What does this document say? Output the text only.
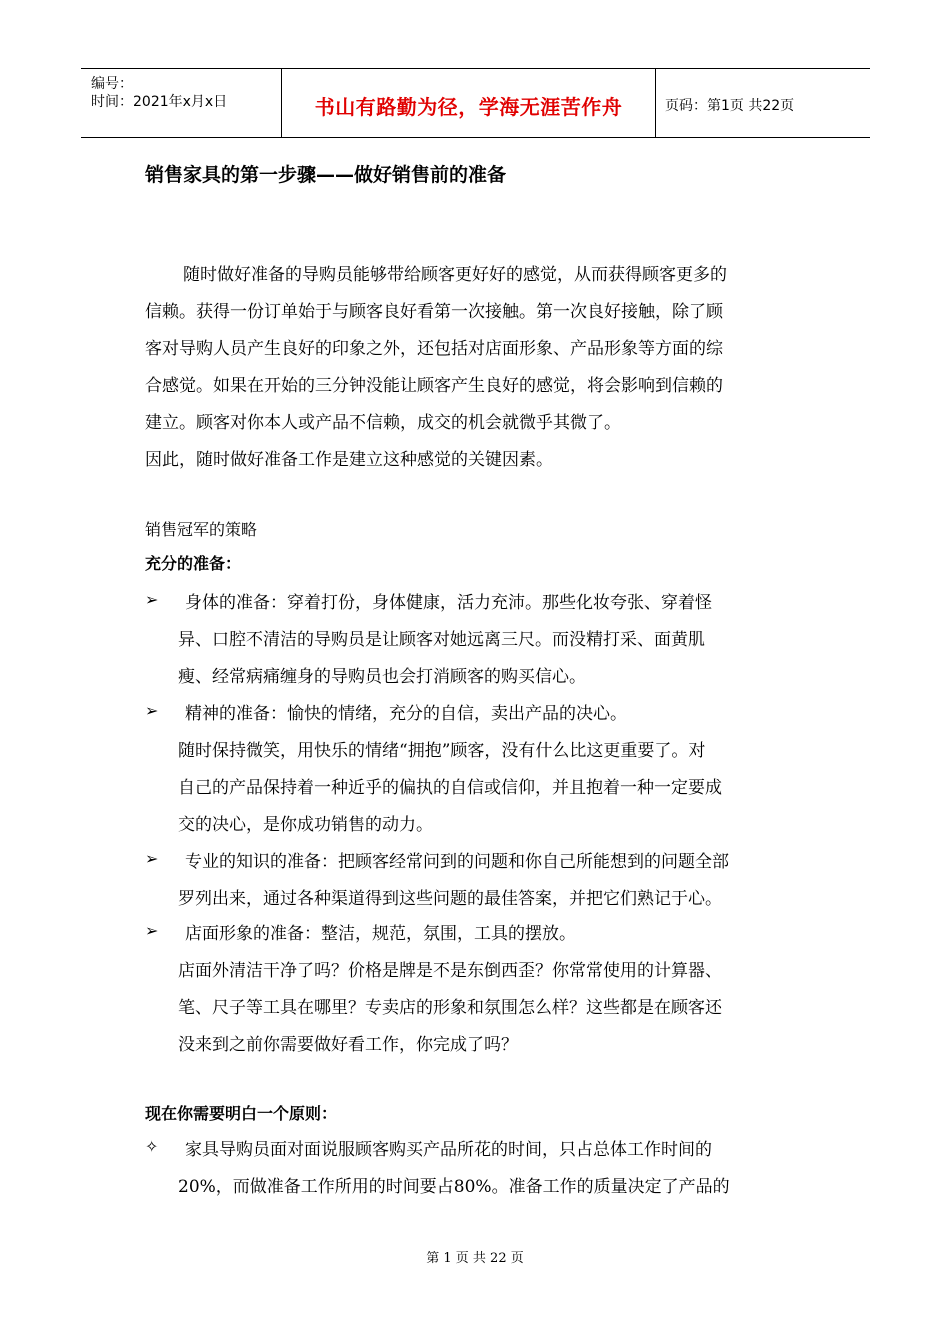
编号：
时间：2021年x月x日	书山有路勤为径，学海无涯苦作舟	页码：第1页 共22页
销售家具的第一步骤——做好销售前的准备
随时做好准备的导购员能够带给顾客更好好的感觉，从而获得顾客更多的
信赖。获得一份订单始于与顾客良好看第一次接触。第一次良好接触，除了顾
客对导购人员产生良好的印象之外，还包括对店面形象、产品形象等方面的综
合感觉。如果在开始的三分钟没能让顾客产生良好的感觉，将会影响到信赖的
建立。顾客对你本人或产品不信赖，成交的机会就微乎其微了。
因此，随时做好准备工作是建立这种感觉的关键因素。
销售冠军的策略
充分的准备：
➢ 身体的准备：穿着打份，身体健康，活力充沛。那些化妆夸张、穿着怪
异、口腔不清洁的导购员是让顾客对她远离三尺。而没精打采、面黄肌
瘦、经常病痛缠身的导购员也会打消顾客的购买信心。
➢ 精神的准备：愉快的情绪，充分的自信，卖出产品的决心。
随时保持微笑，用快乐的情绪“拥抱”顾客，没有什么比这更重要了。对
自己的产品保持着一种近乎的偏执的自信或信仰，并且抱着一种一定要成
交的决心，是你成功销售的动力。
➢ 专业的知识的准备：把顾客经常问到的问题和你自己所能想到的问题全部
罗列出来，通过各种渠道得到这些问题的最佳答案，并把它们熟记于心。
➢ 店面形象的准备：整洁，规范，氛围，工具的摆放。
店面外清洁干净了吗？价格是牌是不是东倒西歪？你常常使用的计算器、
笔、尺子等工具在哪里？专卖店的形象和氛围怎么样？这些都是在顾客还
没来到之前你需要做好看工作，你完成了吗？
现在你需要明白一个原则：
✧ 家具导购员面对面说服顾客购买产品所花的时间，只占总体工作时间的
20%，而做准备工作所用的时间要占80%。准备工作的质量决定了产品的
第 1 页 共 22 页
